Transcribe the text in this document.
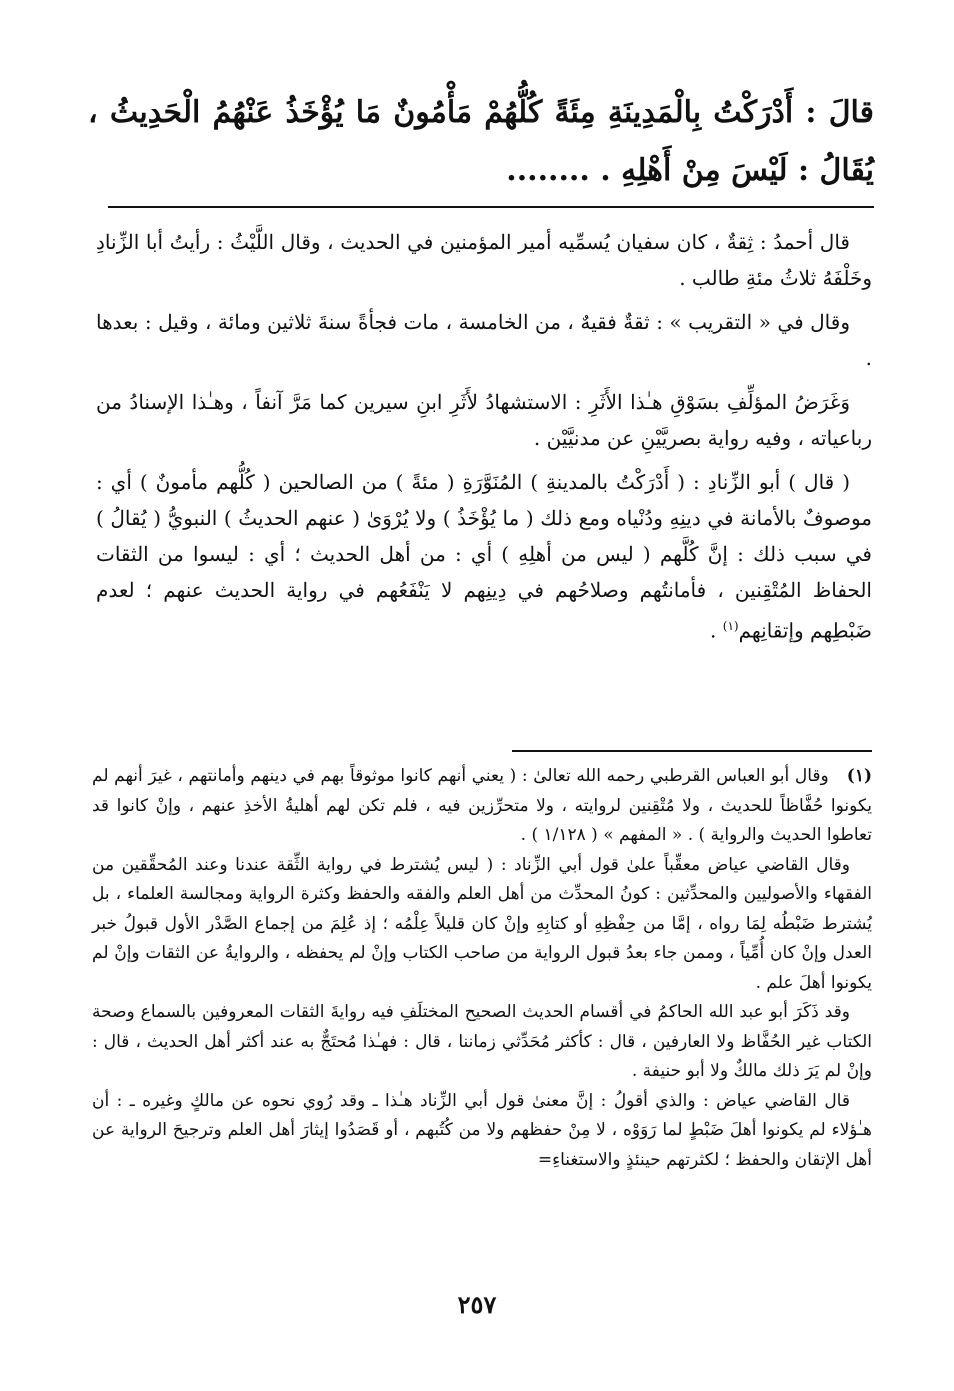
قالَ : أَدْرَكْتُ بِالْمَدِينَةِ مِئَةً كُلُّهُمْ مَأْمُونٌ مَا يُؤْخَذُ عَنْهُمُ الْحَدِيثُ ، يُقَالُ : لَيْسَ مِنْ أَهْلِهِ . ........

قال أحمدُ : ثِقةٌ ، كان سفيان يُسمِّيه أمير المؤمنين في الحديث ، وقال اللَّيْثُ : رأيتُ أبا الزِّنادِ وخَلْفَهُ ثلاثُ مئةِ طالب .

وقال في « التقريب » : ثقةٌ فقيهٌ ، من الخامسة ، مات فجأةً سنةَ ثلاثين ومائة ، وقيل : بعدها .

وَغَرَضُ المؤلِّفِ بسَوْقِ هـٰذا الأَثَرِ : الاستشهادُ لأَثَرِ ابنِ سيرين كما مَرَّ آنفاً ، وهـٰذا الإسنادُ من رباعياته ، وفيه رواية بصريَّيْنِ عن مدنيَّيْن .

( قال ) أبو الزِّنادِ : ( أَدْرَكْتُ بالمدينةِ ) المُنَوَّرَةِ ( مئةً ) من الصالحين ( كُلُّهم مأمونٌ ) أي : موصوفٌ بالأمانة في دينِهِ ودُنْياه ومع ذلك ( ما يُؤْخَذُ ) ولا يُرْوَىٰ ( عنهم الحديثُ ) النبويُّ ( يُقالُ ) في سبب ذلك : إنَّ كُلَّهم ( ليس من أهلِهِ ) أي : من أهل الحديث ؛ أي : ليسوا من الثقات الحفاظ المُتْقِنين ، فأمانتُهم وصلاحُهم في دِينِهم لا يَنْفَعُهم في رواية الحديث عنهم ؛ لعدم ضَبْطِهم وإتقانِهم$^{(١)}$ .

(١)وقال أبو العباس القرطبي رحمه الله تعالىٰ : ( يعني أنهم كانوا موثوقاً بهم في دينهم وأمانتهم ، غيرَ أنهم لم يكونوا حُفَّاظاً للحديث ، ولا مُتْقِنين لروايته ، ولا متحرِّزين فيه ، فلم تكن لهم أهليةُ الأخذِ عنهم ، وإنْ كانوا قد تعاطوا الحديث والرواية ) . « المفهم » ( ١/١٢٨ ) .

وقال القاضي عياض معقِّباً علىٰ قول أبي الزِّناد : ( ليس يُشترط في رواية الثِّقة عندنا وعند المُحقِّقين من الفقهاء والأصوليين والمحدِّثين : كونُ المحدِّث من أهل العلم والفقه والحفظ وكثرة الرواية ومجالسة العلماء ، بل يُشترط ضَبْطُه لِمَا رواه ، إمَّا من حِفْظِهِ أو كتابِهِ وإنْ كان قليلاً عِلْمُه ؛ إذ عُلِمَ من إجماع الصَّدْر الأول قبولُ خبر العدل وإنْ كان أُمِّياً ، وممن جاء بعدُ قبول الرواية من صاحب الكتاب وإنْ لم يحفظه ، والروايةُ عن الثقات وإنْ لم يكونوا أهلَ علم .

وقد ذَكَرَ أبو عبد الله الحاكمُ في أقسام الحديث الصحيح المختلَفِ فيه روايةَ الثقات المعروفين بالسماع وصحة الكتاب غير الحُفَّاظ ولا العارفين ، قال : كأكثر مُحَدِّثي زماننا ، قال : فهـٰذا مُحتَجٌّ به عند أكثر أهل الحديث ، قال : وإنْ لم يَرَ ذلك مالكٌ ولا أبو حنيفة .

قال القاضي عياض : والذي أقولُ : إنَّ معنىٰ قول أبي الزِّناد هـٰذا ـ وقد رُوي نحوه عن مالكٍ وغيره ـ : أن هـٰؤلاء لم يكونوا أهلَ ضَبْطٍ لما رَوَوْه ، لا مِنْ حفظهم ولا من كُتُبهم ، أو قَصَدُوا إيثارَ أهل العلم وترجيحَ الرواية عن أهل الإتقان والحفظ ؛ لكثرتهم حينئذٍ والاستغناءِ=

٢٥٧
